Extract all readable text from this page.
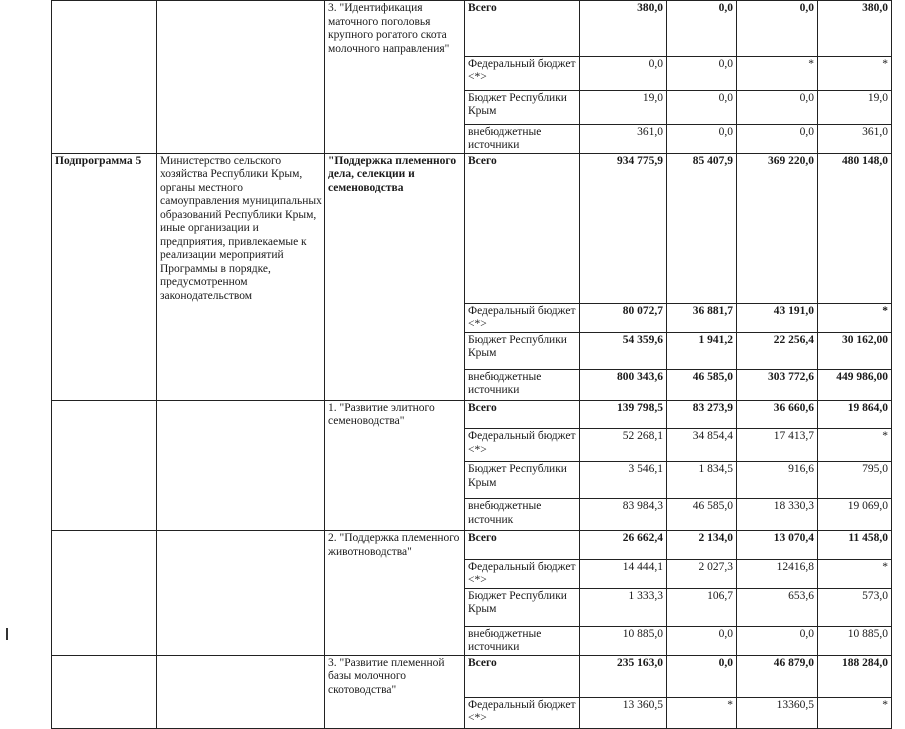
		3. "Идентификация маточного поголовья крупного рогатого скота молочного направления"	Всего	380,0	0,0	0,0	380,0
			Федеральный бюджет <*>	0,0	0,0	*	*
			Бюджет Республики Крым	19,0	0,0	0,0	19,0
			внебюджетные источники	361,0	0,0	0,0	361,0
Подпрограмма 5	Министерство сельского хозяйства Республики Крым, органы местного самоуправления муниципальных образований Республики Крым, иные организации и предприятия, привлекаемые к реализации мероприятий Программы в порядке, предусмотренном законодательством	"Поддержка племенного дела, селекции и семеноводства	Всего	934 775,9	85 407,9	369 220,0	480 148,0
			Федеральный бюджет <*>	80 072,7	36 881,7	43 191,0	*
			Бюджет Республики Крым	54 359,6	1 941,2	22 256,4	30 162,00
			внебюджетные источники	800 343,6	46 585,0	303 772,6	449 986,00
		1. "Развитие элитного семеноводства"	Всего	139 798,5	83 273,9	36 660,6	19 864,0
			Федеральный бюджет <*>	52 268,1	34 854,4	17 413,7	*
			Бюджет Республики Крым	3 546,1	1 834,5	916,6	795,0
			внебюджетные источник	83 984,3	46 585,0	18 330,3	19 069,0
		2. "Поддержка племенного животноводства"	Всего	26 662,4	2 134,0	13 070,4	11 458,0
			Федеральный бюджет <*>	14 444,1	2 027,3	12416,8	*
			Бюджет Республики Крым	1 333,3	106,7	653,6	573,0
			внебюджетные источники	10 885,0	0,0	0,0	10 885,0
		3. "Развитие племенной базы молочного скотоводства"	Всего	235 163,0	0,0	46 879,0	188 284,0
			Федеральный бюджет <*>	13 360,5	*	13360,5	*
